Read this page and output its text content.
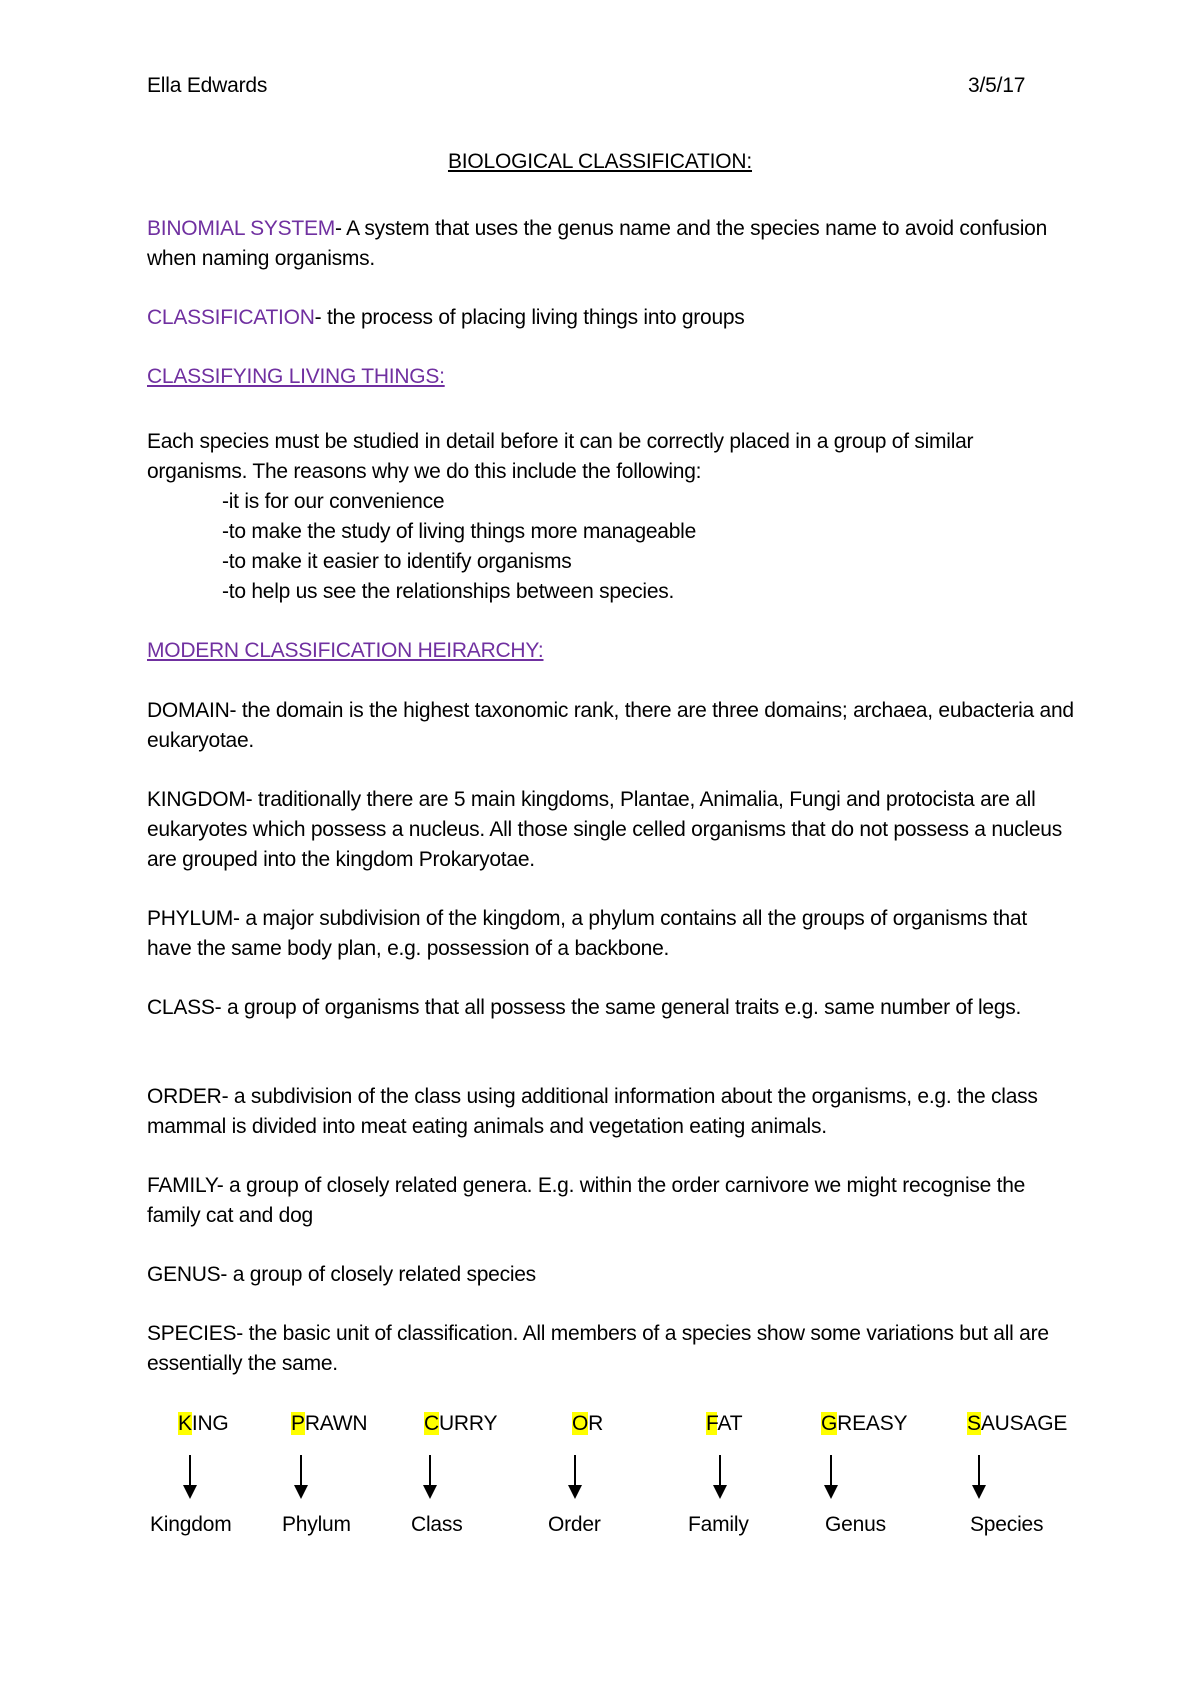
Ella Edwards	3/5/17
BIOLOGICAL CLASSIFICATION:

BINOMIAL SYSTEM- A system that uses the genus name and the species name to avoid confusion when naming organisms.

CLASSIFICATION- the process of placing living things into groups

CLASSIFYING LIVING THINGS:

Each species must be studied in detail before it can be correctly placed in a group of similar organisms. The reasons why we do this include the following:

-it is for our convenience
-to make the study of living things more manageable
-to make it easier to identify organisms
-to help us see the relationships between species.

MODERN CLASSIFICATION HEIRARCHY:

DOMAIN- the domain is the highest taxonomic rank, there are three domains; archaea, eubacteria and eukaryotae.

KINGDOM- traditionally there are 5 main kingdoms, Plantae, Animalia, Fungi and protocista are all eukaryotes which possess a nucleus. All those single celled organisms that do not possess a nucleus are grouped into the kingdom Prokaryotae.

PHYLUM- a major subdivision of the kingdom, a phylum contains all the groups of organisms that have the same body plan, e.g. possession of a backbone.

CLASS- a group of organisms that all possess the same general traits e.g. same number of legs.

ORDER- a subdivision of the class using additional information about the organisms, e.g. the class mammal is divided into meat eating animals and vegetation eating animals.

FAMILY- a group of closely related genera. E.g. within the order carnivore we might recognise the family cat and dog

GENUS- a group of closely related species

SPECIES- the basic unit of classification. All members of a species show some variations but all are essentially the same.

KING	PRAWN	CURRY	OR	FAT	GREASY	SAUSAGE
Kingdom Phylum	Class	Order	Family	Genus	Species
